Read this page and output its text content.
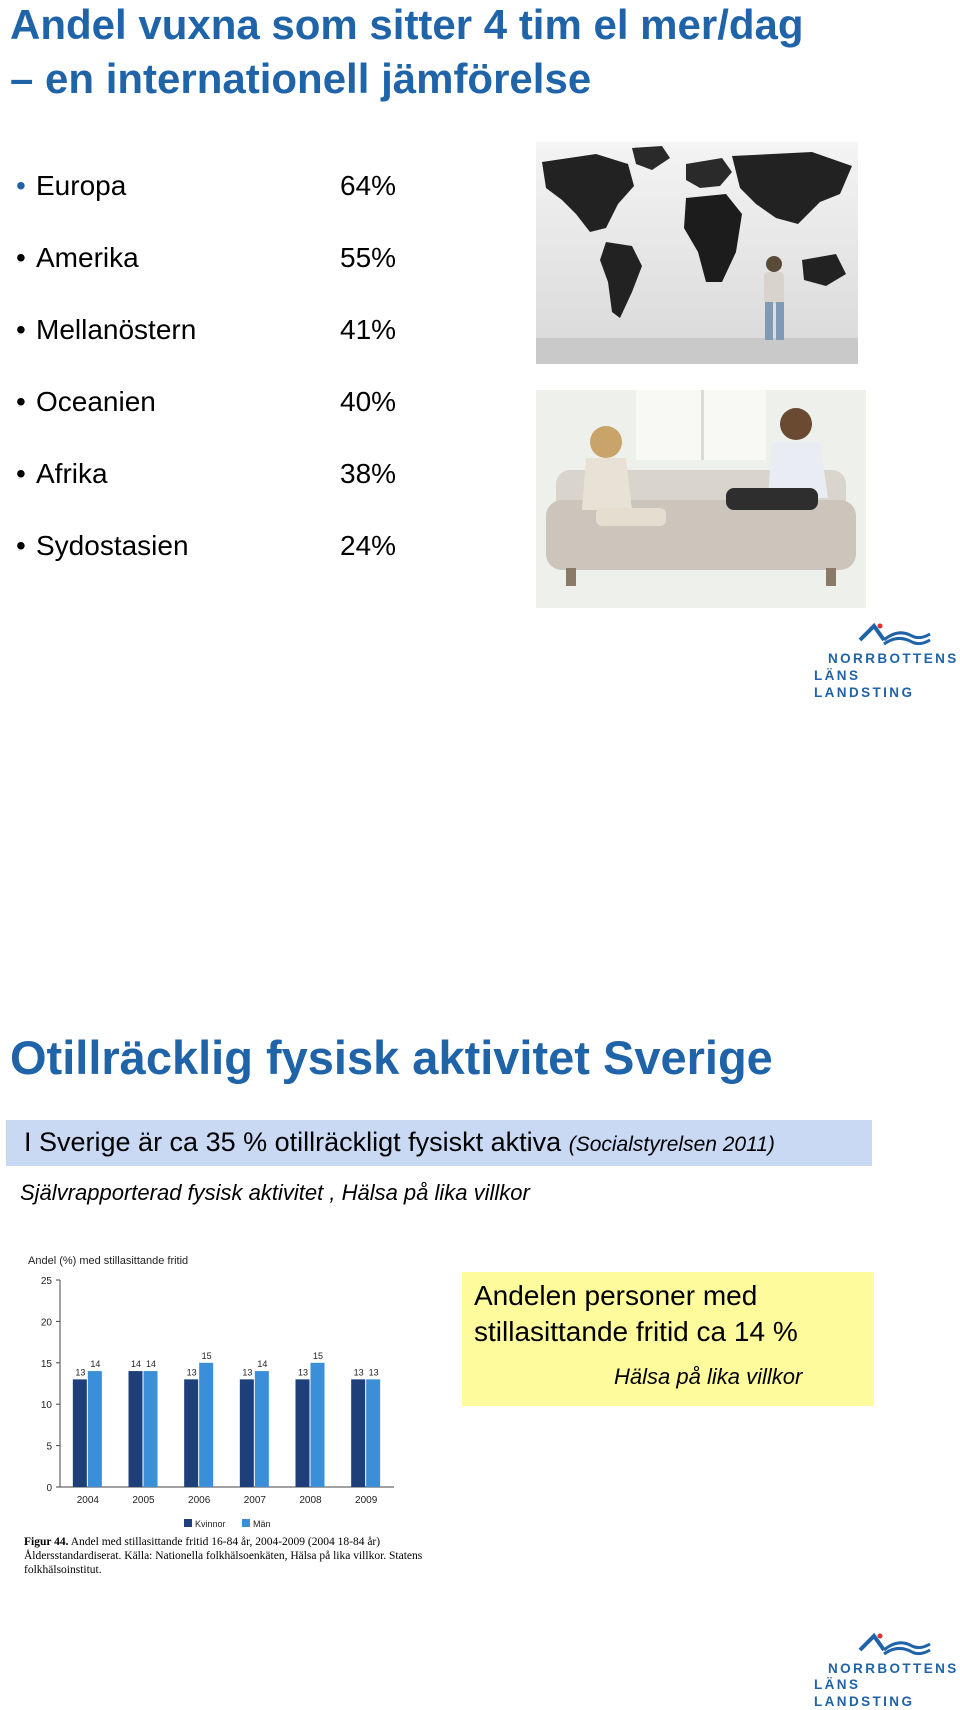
Andel vuxna som sitter 4 tim el mer/dag

– en internationell jämförelse

• Europa	64%
• Amerika	55%
• Mellanöstern	41%
• Oceanien	40%
• Afrika	38%
• Sydostasien	24%
NORRBOTTENS
LÄNS LANDSTING
Otillräcklig fysisk aktivitet Sverige
I Sverige är ca 35 % otillräckligt fysiskt aktiva (Socialstyrelsen 2011)
Självrapporterad fysisk aktivitet , Hälsa på lika villkor
Andel (%) med stillasittande fritid
0
5
10
15
20
25
13
14
2004
14 14
2005
13
15
2006
13
14
2007
13
15
2008
13 13
2009
Kvinnor	Män
Figur 44. Andel med stillasittande fritid 16-84 år, 2004-2009 (2004 18-84 år)
Åldersstandardiserat. Källa: Nationella folkhälsoenkäten, Hälsa på lika villkor. Statens
folkhälsoinstitut.
Andelen personer med
stillasittande fritid ca 14 %
Hälsa på lika villkor
NORRBOTTENS
LÄNS LANDSTING
